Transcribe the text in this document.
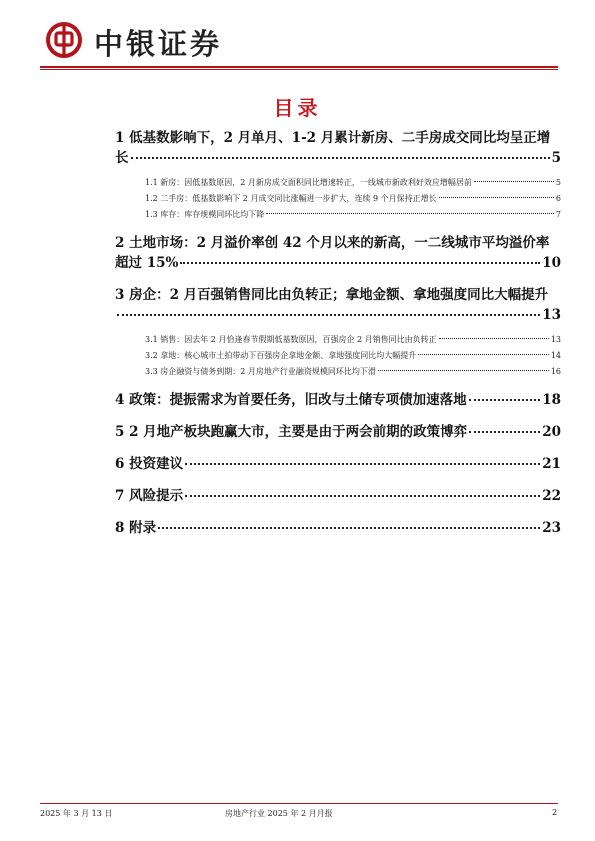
中银证券
目录
1 低基数影响下，2 月单月、1-2 月累计新房、二手房成交同比均呈正增
长	5
1.1 新房：因低基数原因，2 月新房成交面积同比增速转正，一线城市新政利好效应增幅居前	5
1.2 二手房：低基数影响下 2 月成交同比涨幅进一步扩大，连续 9 个月保持正增长	6
1.3 库存：库存规模同环比均下降	7
2 土地市场：2 月溢价率创 42 个月以来的新高，一二线城市平均溢价率
超过 15%	10
3 房企：2 月百强销售同比由负转正；拿地金额、拿地强度同比大幅提升
13
3.1 销售：因去年 2 月恰逢春节假期低基数原因，百强房企 2 月销售同比由负转正	13
3.2 拿地：核心城市土拍带动下百强房企拿地金额、拿地强度同比均大幅提升	14
3.3 房企融资与债务到期：2 月房地产行业融资规模同环比均下滑	16
4 政策：提振需求为首要任务，旧改与土储专项债加速落地	18
5 2 月地产板块跑赢大市，主要是由于两会前期的政策博弈	20
6 投资建议	21
7 风险提示	22
8 附录	23
2025 年 3 月 13 日	房地产行业 2025 年 2 月月报	2
